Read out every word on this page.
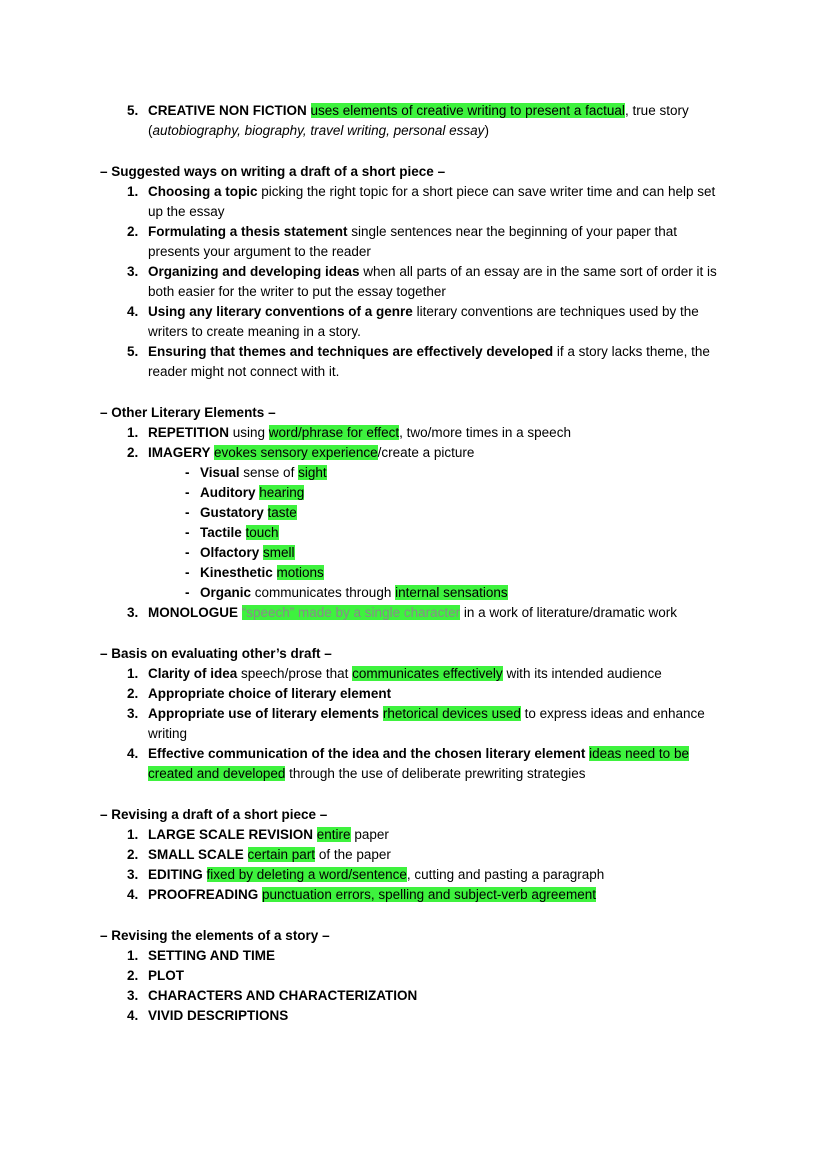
5. CREATIVE NON FICTION uses elements of creative writing to present a factual, true story (autobiography, biography, travel writing, personal essay)
– Suggested ways on writing a draft of a short piece –
1. Choosing a topic picking the right topic for a short piece can save writer time and can help set up the essay
2. Formulating a thesis statement single sentences near the beginning of your paper that presents your argument to the reader
3. Organizing and developing ideas when all parts of an essay are in the same sort of order it is both easier for the writer to put the essay together
4. Using any literary conventions of a genre literary conventions are techniques used by the writers to create meaning in a story.
5. Ensuring that themes and techniques are effectively developed if a story lacks theme, the reader might not connect with it.
– Other Literary Elements –
1. REPETITION using word/phrase for effect, two/more times in a speech
2. IMAGERY evokes sensory experience/create a picture
- Visual sense of sight
- Auditory hearing
- Gustatory taste
- Tactile touch
- Olfactory smell
- Kinesthetic motions
- Organic communicates through internal sensations
3. MONOLOGUE “speech” made by a single character in a work of literature/dramatic work
– Basis on evaluating other’s draft –
1. Clarity of idea speech/prose that communicates effectively with its intended audience
2. Appropriate choice of literary element
3. Appropriate use of literary elements rhetorical devices used to express ideas and enhance writing
4. Effective communication of the idea and the chosen literary element ideas need to be created and developed through the use of deliberate prewriting strategies
– Revising a draft of a short piece –
1. LARGE SCALE REVISION entire paper
2. SMALL SCALE certain part of the paper
3. EDITING fixed by deleting a word/sentence, cutting and pasting a paragraph
4. PROOFREADING punctuation errors, spelling and subject-verb agreement
– Revising the elements of a story –
1. SETTING AND TIME
2. PLOT
3. CHARACTERS AND CHARACTERIZATION
4. VIVID DESCRIPTIONS
